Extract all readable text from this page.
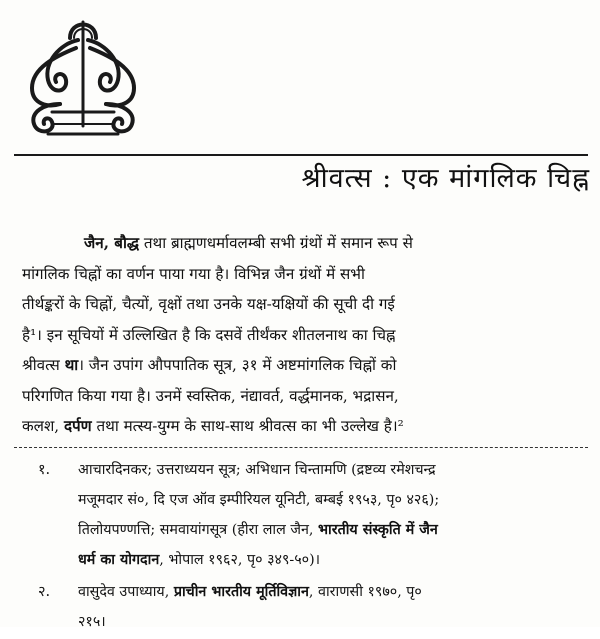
श्रीवत्स : एक मांगलिक चिह्न
जैन, बौद्ध तथा ब्राह्मणधर्मावलम्बी सभी ग्रंथों में समान रूप से
मांगलिक चिह्नों का वर्णन पाया गया है। विभिन्न जैन ग्रंथों में सभी
तीर्थङ्करों के चिह्नों, चैत्यों, वृक्षों तथा उनके यक्ष-यक्षियों की सूची दी गई
है¹। इन सूचियों में उल्लिखित है कि दसवें तीर्थंकर शीतलनाथ का चिह्न
श्रीवत्स था। जैन उपांग औपपातिक सूत्र, ३१ में अष्टमांगलिक चिह्नों को
परिगणित किया गया है। उनमें स्वस्तिक, नंद्यावर्त, वर्द्धमानक, भद्रासन,
कलश, दर्पण तथा मत्स्य-युग्म के साथ-साथ श्रीवत्स का भी उल्लेख है।²
१. आचारदिनकर; उत्तराध्ययन सूत्र; अभिधान चिन्तामणि (द्रष्टव्य रमेशचन्द्र
मजूमदार सं०, दि एज ऑव इम्पीरियल यूनिटी, बम्बई १९५३, पृ० ४२६);
तिलोयपण्णत्ति; समवायांगसूत्र (हीरा लाल जैन, भारतीय संस्कृति में जैन
धर्म का योगदान, भोपाल १९६२, पृ० ३४९-५०)।
२. वासुदेव उपाध्याय, प्राचीन भारतीय मूर्तिविज्ञान, वाराणसी १९७०, पृ०
२१५।
